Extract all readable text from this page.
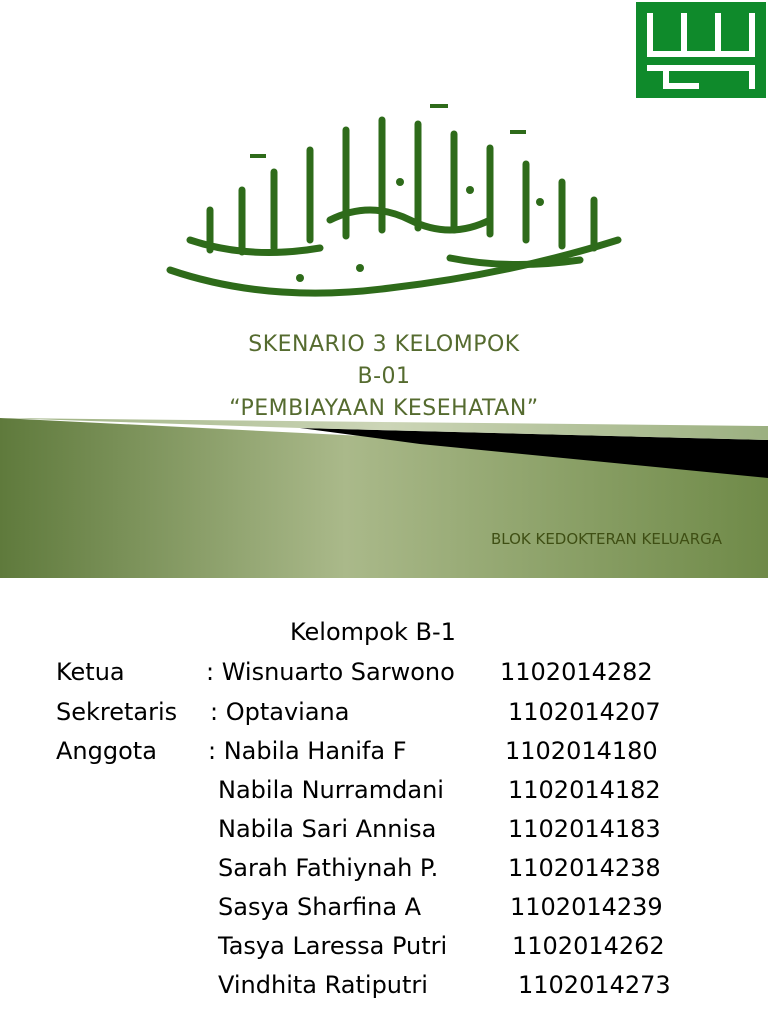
SKENARIO 3 KELOMPOK
B-01
“PEMBIAYAAN KESEHATAN”
BLOK KEDOKTERAN KELUARGA
Kelompok B-1
Ketua	: Wisnuarto Sarwono 1102014282
Sekretaris : Optaviana	1102014207
Anggota : Nabila Hanifa F	1102014180
Nabila Nurramdani	1102014182
Nabila Sari Annisa	1102014183
Sarah Fathiynah P.	1102014238
Sasya Sharfina A	1102014239
Tasya Laressa Putri	1102014262
Vindhita Ratiputri	1102014273
